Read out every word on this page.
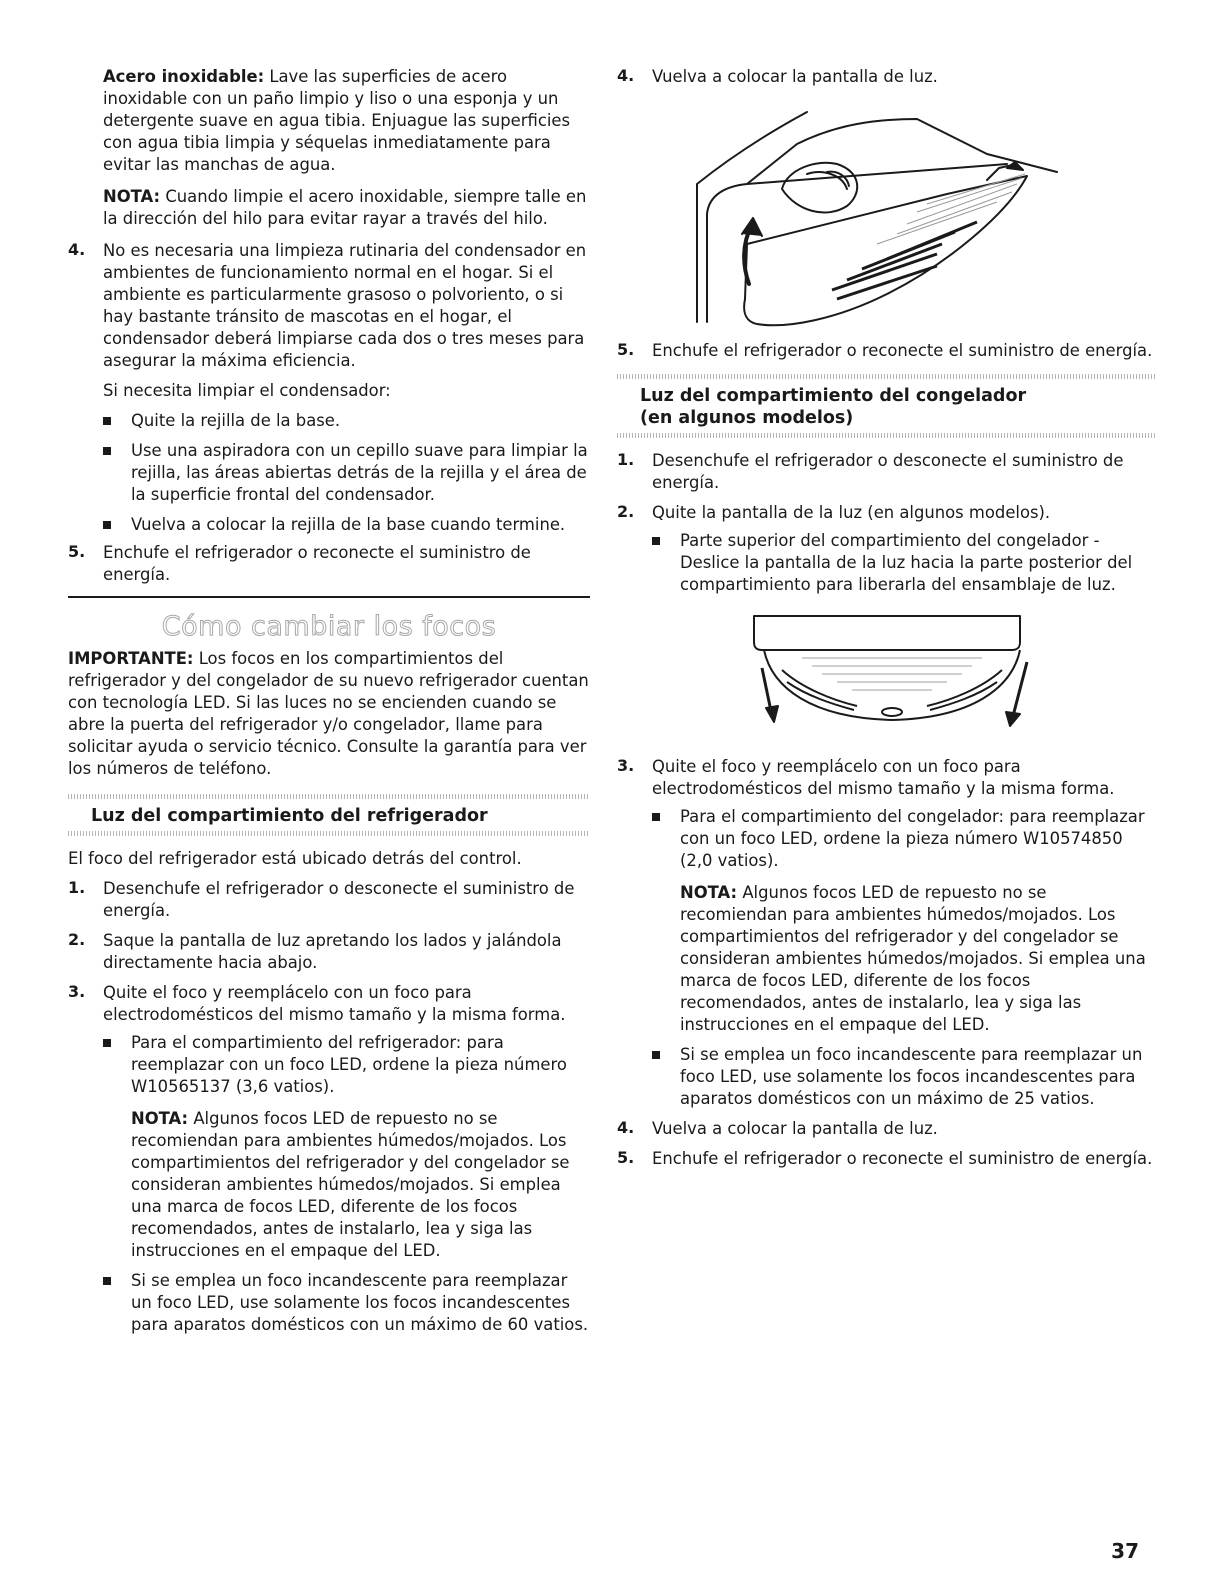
Acero inoxidable: Lave las superficies de acero inoxidable con un paño limpio y liso o una esponja y un detergente suave en agua tibia. Enjuague las superficies con agua tibia limpia y séquelas inmediatamente para evitar las manchas de agua.

NOTA: Cuando limpie el acero inoxidable, siempre talle en la dirección del hilo para evitar rayar a través del hilo.

4. No es necesaria una limpieza rutinaria del condensador en ambientes de funcionamiento normal en el hogar. Si el ambiente es particularmente grasoso o polvoriento, o si hay bastante tránsito de mascotas en el hogar, el condensador deberá limpiarse cada dos o tres meses para asegurar la máxima eficiencia.

Si necesita limpiar el condensador:

Quite la rejilla de la base.

Use una aspiradora con un cepillo suave para limpiar la rejilla, las áreas abiertas detrás de la rejilla y el área de la superficie frontal del condensador.

Vuelva a colocar la rejilla de la base cuando termine.

5. Enchufe el refrigerador o reconecte el suministro de energía.

Cómo cambiar los focos

IMPORTANTE: Los focos en los compartimientos del refrigerador y del congelador de su nuevo refrigerador cuentan con tecnología LED. Si las luces no se encienden cuando se abre la puerta del refrigerador y/o congelador, llame para solicitar ayuda o servicio técnico. Consulte la garantía para ver los números de teléfono.

Luz del compartimiento del refrigerador

El foco del refrigerador está ubicado detrás del control.

1. Desenchufe el refrigerador o desconecte el suministro de energía.

2. Saque la pantalla de luz apretando los lados y jalándola directamente hacia abajo.

3. Quite el foco y reemplácelo con un foco para electrodomésticos del mismo tamaño y la misma forma.

Para el compartimiento del refrigerador: para reemplazar con un foco LED, ordene la pieza número W10565137 (3,6 vatios).

NOTA: Algunos focos LED de repuesto no se recomiendan para ambientes húmedos/mojados. Los compartimientos del refrigerador y del congelador se consideran ambientes húmedos/mojados. Si emplea una marca de focos LED, diferente de los focos recomendados, antes de instalarlo, lea y siga las instrucciones en el empaque del LED.

Si se emplea un foco incandescente para reemplazar un foco LED, use solamente los focos incandescentes para aparatos domésticos con un máximo de 60 vatios.

4. Vuelva a colocar la pantalla de luz.

5. Enchufe el refrigerador o reconecte el suministro de energía.

Luz del compartimiento del congelador
(en algunos modelos)
1. Desenchufe el refrigerador o desconecte el suministro de energía.

2. Quite la pantalla de la luz (en algunos modelos).

Parte superior del compartimiento del congelador - Deslice la pantalla de la luz hacia la parte posterior del compartimiento para liberarla del ensamblaje de luz.

3. Quite el foco y reemplácelo con un foco para electrodomésticos del mismo tamaño y la misma forma.

Para el compartimiento del congelador: para reemplazar con un foco LED, ordene la pieza número W10574850 (2,0 vatios).

NOTA: Algunos focos LED de repuesto no se recomiendan para ambientes húmedos/mojados. Los compartimientos del refrigerador y del congelador se consideran ambientes húmedos/mojados. Si emplea una marca de focos LED, diferente de los focos recomendados, antes de instalarlo, lea y siga las instrucciones en el empaque del LED.

Si se emplea un foco incandescente para reemplazar un foco LED, use solamente los focos incandescentes para aparatos domésticos con un máximo de 25 vatios.

4. Vuelva a colocar la pantalla de luz.

5. Enchufe el refrigerador o reconecte el suministro de energía.

37
